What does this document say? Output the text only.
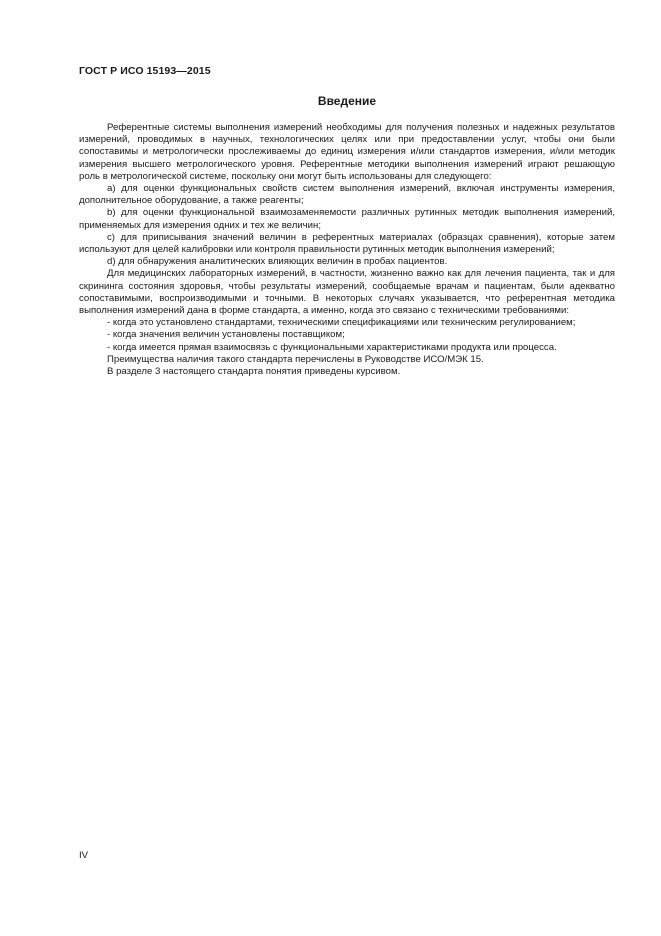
ГОСТ Р ИСО 15193—2015
Введение

Референтные системы выполнения измерений необходимы для получения полезных и надежных результатов измерений, проводимых в научных, технологических целях или при предоставлении услуг, чтобы они были сопоставимы и метрологически прослеживаемы до единиц измерения и/или стандартов измерения, и/или методик измерения высшего метрологического уровня. Референтные методики выполнения измерений играют решающую роль в метрологической системе, поскольку они могут быть использованы для следующего:

a) для оценки функциональных свойств систем выполнения измерений, включая инструменты измерения, дополнительное оборудование, а также реагенты;

b) для оценки функциональной взаимозаменяемости различных рутинных методик выполнения измерений, применяемых для измерения одних и тех же величин;

c) для приписывания значений величин в референтных материалах (образцах сравнения), которые затем используют для целей калибровки или контроля правильности рутинных методик выполнения измерений;

d) для обнаружения аналитических влияющих величин в пробах пациентов.

Для медицинских лабораторных измерений, в частности, жизненно важно как для лечения пациента, так и для скрининга состояния здоровья, чтобы результаты измерений, сообщаемые врачам и пациентам, были адекватно сопоставимыми, воспроизводимыми и точными. В некоторых случаях указывается, что референтная методика выполнения измерений дана в форме стандарта, а именно, когда это связано с техническими требованиями:

- когда это установлено стандартами, техническими спецификациями или техническим регулированием;

- когда значения величин установлены поставщиком;

- когда имеется прямая взаимосвязь с функциональными характеристиками продукта или процесса.

Преимущества наличия такого стандарта перечислены в Руководстве ИСО/МЭК 15.

В разделе 3 настоящего стандарта понятия приведены курсивом.

IV
